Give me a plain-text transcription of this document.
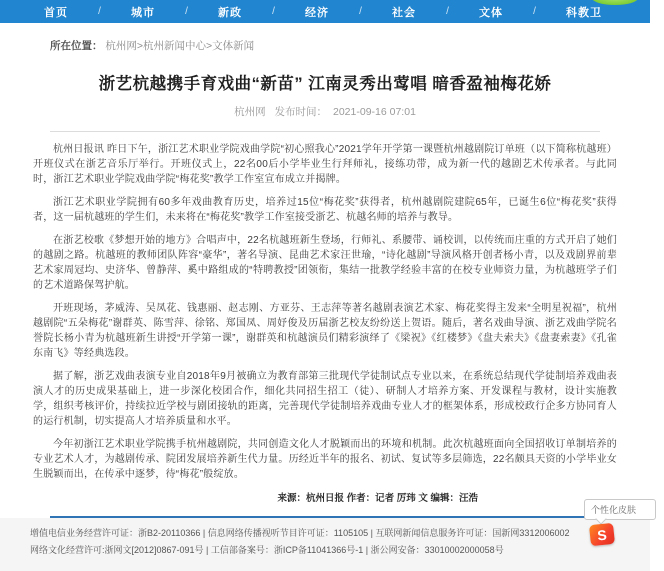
首页	/	城市	/	新政	/	经济	/	社会	/	文体	/	科教卫
所在位置： 杭州网>杭州新闻中心>文体新闻
浙艺杭越携手育戏曲“新苗” 江南灵秀出莺唱 暗香盈袖梅花娇
杭州网 发布时间： 2021-09-16 07:01

杭州日报讯 昨日下午，浙江艺术职业学院戏曲学院“初心照我心”2021学年开学第一课暨杭州越剧院订单班（以下简称杭越班）开班仪式在浙艺音乐厅举行。开班仪式上，22名00后小学毕业生行拜师礼，接练功带，成为新一代的越剧艺术传承者。与此同时，浙江艺术职业学院戏曲学院“梅花奖”教学工作室宣布成立并揭牌。

浙江艺术职业学院拥有60多年戏曲教育历史，培养过15位“梅花奖”获得者，杭州越剧院建院65年，已诞生6位“梅花奖”获得者，这一届杭越班的学生们，未来将在“梅花奖”教学工作室接受浙艺、杭越名师的培养与教导。

在浙艺校歌《梦想开始的地方》合唱声中，22名杭越班新生登场，行师礼、系腰带、诵校训，以传统而庄重的方式开启了她们的越剧之路。杭越班的教师团队阵容“豪华”，著名导演、昆曲艺术家汪世瑜，“诗化越剧”导演风格开创者杨小青，以及戏剧界前辈艺术家周冠均、史济华、曾静萍、奚中路组成的“特聘教授”团领衔，集结一批教学经验丰富的在校专业师资力量，为杭越班学子们的艺术道路保驾护航。

开班现场，茅威涛、吴凤花、钱惠丽、赵志刚、方亚芬、王志萍等著名越剧表演艺术家、梅花奖得主发来“全明星祝福”，杭州越剧院“五朵梅花”谢群英、陈雪萍、徐铭、郑国凤、周妤俊及历届浙艺校友纷纷送上贺语。随后，著名戏曲导演、浙艺戏曲学院名誉院长杨小青为杭越班新生讲授“开学第一课”，谢群英和杭越演员们精彩演绎了《梁祝》《红楼梦》《盘夫索夫》《盘妻索妻》《孔雀东南飞》等经典选段。

据了解，浙艺戏曲表演专业自2018年9月被确立为教育部第三批现代学徒制试点专业以来，在系统总结现代学徒制培养戏曲表演人才的历史成果基础上，进一步深化校团合作，细化共同招生招工（徒）、研制人才培养方案、开发课程与教材，设计实施教学，组织考核评价，持续拉近学校与剧团接轨的距离，完善现代学徒制培养戏曲专业人才的框架体系，形成校政行企多方协同育人的运行机制，切实提高人才培养质量和水平。

今年初浙江艺术职业学院携手杭州越剧院，共同创造文化人才脱颖而出的环境和机制。此次杭越班面向全国招收订单制培养的专业艺术人才，为越剧传承、院团发展培养新生代力量。历经近半年的报名、初试、复试等多层筛选，22名颇具天资的小学毕业女生脱颖而出，在传承中逐梦，待“梅花”般绽放。

来源：杭州日报 作者：记者 厉玮 文 编辑：汪浩
增值电信业务经营许可证：浙B2-20110366 | 信息网络传播视听节目许可证：1105105 | 互联网新闻信息服务许可证：国新网3312006002
网络文化经营许可:浙网文[2012]0867-091号 | 工信部备案号：浙ICP备11041366号-1 | 浙公网安备：33010002000058号
个性化皮肤
S
